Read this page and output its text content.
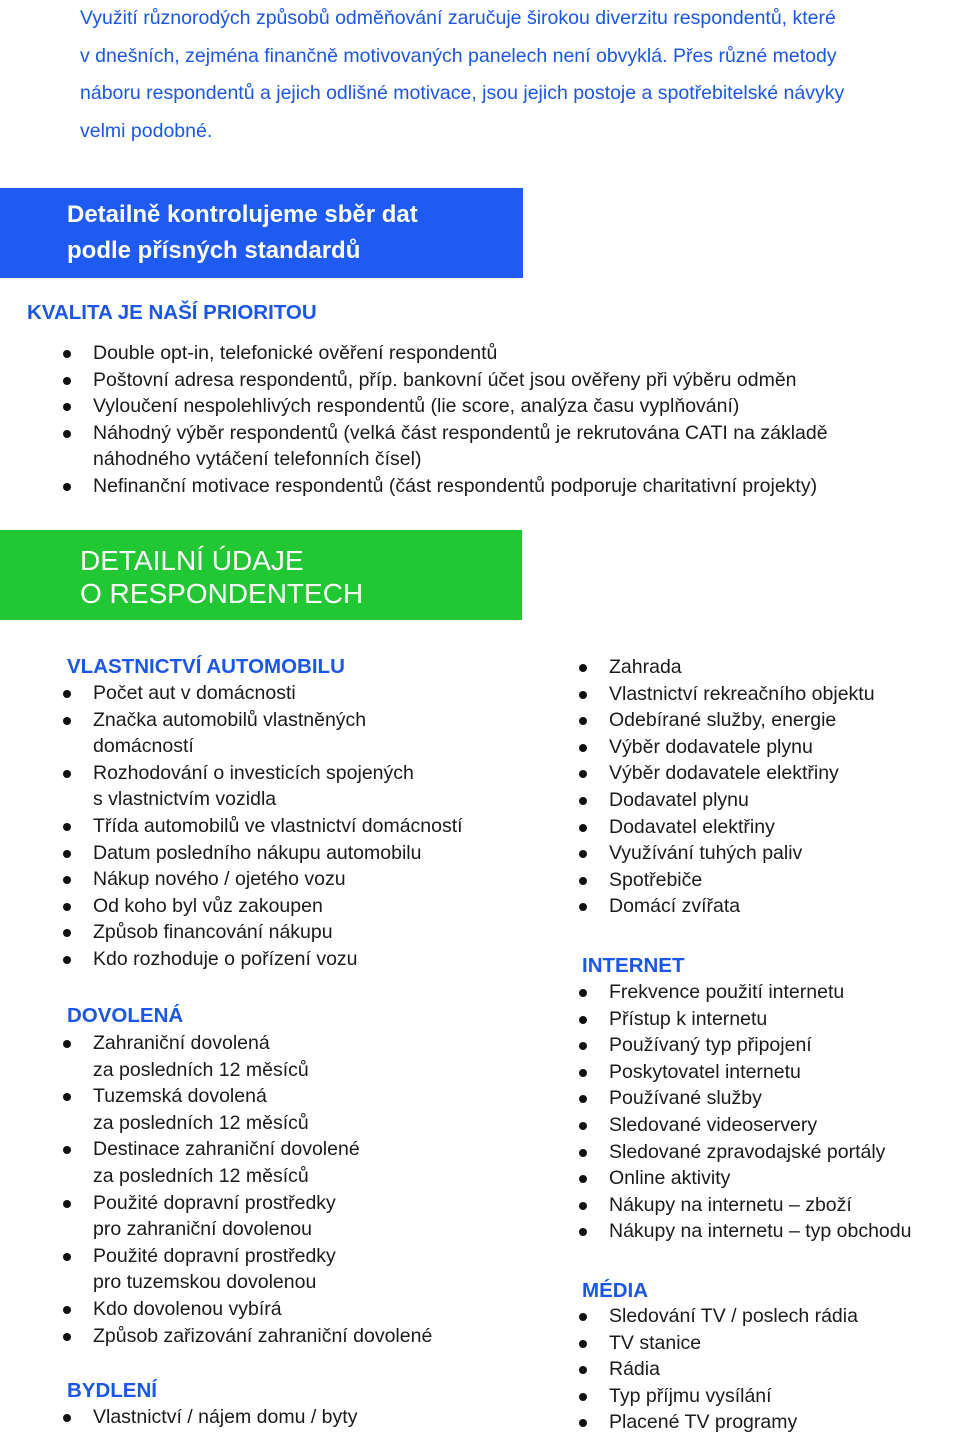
Využití různorodých způsobů odměňování zaručuje širokou diverzitu respondentů, které
v dnešních, zejména finančně motivovaných panelech není obvyklá. Přes různé metody
náboru respondentů a jejich odlišné motivace, jsou jejich postoje a spotřebitelské návyky
velmi podobné.
Detailně kontrolujeme sběr dat
podle přísných standardů
KVALITA JE NAŠÍ PRIORITOU
Double opt-in, telefonické ověření respondentů
Poštovní adresa respondentů, příp. bankovní účet jsou ověřeny při výběru odměn
Vyloučení nespolehlivých respondentů (lie score, analýza času vyplňování)
Náhodný výběr respondentů (velká část respondentů je rekrutována CATI na základě
náhodného vytáčení telefonních čísel)
Nefinanční motivace respondentů (část respondentů podporuje charitativní projekty)
DETAILNÍ ÚDAJE
O RESPONDENTECH
VLASTNICTVÍ AUTOMOBILU
Počet aut v domácnosti
Značka automobilů vlastněných
domácností
Rozhodování o investicích spojených
s vlastnictvím vozidla
Třída automobilů ve vlastnictví domácností
Datum posledního nákupu automobilu
Nákup nového / ojetého vozu
Od koho byl vůz zakoupen
Způsob financování nákupu
Kdo rozhoduje o pořízení vozu
DOVOLENÁ
Zahraniční dovolená
za posledních 12 měsíců
Tuzemská dovolená
za posledních 12 měsíců
Destinace zahraniční dovolené
za posledních 12 měsíců
Použité dopravní prostředky
pro zahraniční dovolenou
Použité dopravní prostředky
pro tuzemskou dovolenou
Kdo dovolenou vybírá
Způsob zařizování zahraniční dovolené
BYDLENÍ
Vlastnictví / nájem domu / byty
Zahrada
Vlastnictví rekreačního objektu
Odebírané služby, energie
Výběr dodavatele plynu
Výběr dodavatele elektřiny
Dodavatel plynu
Dodavatel elektřiny
Využívání tuhých paliv
Spotřebiče
Domácí zvířata
INTERNET
Frekvence použití internetu
Přístup k internetu
Používaný typ připojení
Poskytovatel internetu
Používané služby
Sledované videoservery
Sledované zpravodajské portály
Online aktivity
Nákupy na internetu – zboží
Nákupy na internetu – typ obchodu
MÉDIA
Sledování TV / poslech rádia
TV stanice
Rádia
Typ příjmu vysílání
Placené TV programy
